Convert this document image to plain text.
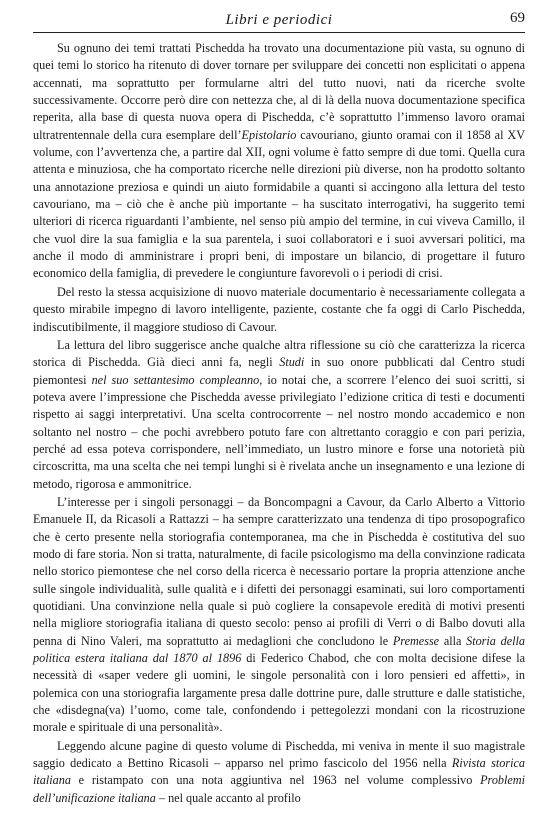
Libri e periodici	69

Su ognuno dei temi trattati Pischedda ha trovato una documentazione più vasta, su ognuno di quei temi lo storico ha ritenuto di dover tornare per sviluppare dei concetti non esplicitati o appena accennati, ma soprattutto per formularne altri del tutto nuovi, nati da ricerche svolte successivamente. Occorre però dire con nettezza che, al di là della nuova documentazione specifica reperita, alla base di questa nuova opera di Pischedda, c’è soprattutto l’immenso lavoro oramai ultratrentennale della cura esemplare dell’Epistolario cavouriano, giunto oramai con il 1858 al XV volume, con l’avvertenza che, a partire dal XII, ogni volume è fatto sempre di due tomi. Quella cura attenta e minuziosa, che ha comportato ricerche nelle direzioni più diverse, non ha prodotto soltanto una annotazione preziosa e quindi un aiuto formidabile a quanti si accingono alla lettura del testo cavouriano, ma – ciò che è anche più importante – ha suscitato interrogativi, ha suggerito temi ulteriori di ricerca riguardanti l’ambiente, nel senso più ampio del termine, in cui viveva Camillo, il che vuol dire la sua famiglia e la sua parentela, i suoi collaboratori e i suoi avversari politici, ma anche il modo di amministrare i propri beni, di impostare un bilancio, di progettare il futuro economico della famiglia, di prevedere le congiunture favorevoli o i periodi di crisi.

Del resto la stessa acquisizione di nuovo materiale documentario è necessariamente collegata a questo mirabile impegno di lavoro intelligente, paziente, costante che fa oggi di Carlo Pischedda, indiscutibilmente, il maggiore studioso di Cavour.

La lettura del libro suggerisce anche qualche altra riflessione su ciò che caratterizza la ricerca storica di Pischedda. Già dieci anni fa, negli Studi in suo onore pubblicati dal Centro studi piemontesi nel suo settantesimo compleanno, io notai che, a scorrere l’elenco dei suoi scritti, si poteva avere l’impressione che Pischedda avesse privilegiato l’edizione critica di testi e documenti rispetto ai saggi interpretativi. Una scelta controcorrente – nel nostro mondo accademico e non soltanto nel nostro – che pochi avrebbero potuto fare con altrettanto coraggio e con pari perizia, perché ad essa poteva corrispondere, nell’immediato, un lustro minore e forse una notorietà più circoscritta, ma una scelta che nei tempi lunghi si è rivelata anche un insegnamento e una lezione di metodo, rigorosa e ammonitrice.

L’interesse per i singoli personaggi – da Boncompagni a Cavour, da Carlo Alberto a Vittorio Emanuele II, da Ricasoli a Rattazzi – ha sempre caratterizzato una tendenza di tipo prosopografico che è certo presente nella storiografia contemporanea, ma che in Pischedda è costitutiva del suo modo di fare storia. Non si tratta, naturalmente, di facile psicologismo ma della convinzione radicata nello storico piemontese che nel corso della ricerca è necessario portare la propria attenzione anche sulle singole individualità, sulle qualità e i difetti dei personaggi esaminati, sui loro comportamenti quotidiani. Una convinzione nella quale si può cogliere la consapevole eredità di motivi presenti nella migliore storiografia italiana di questo secolo: penso ai profili di Verri o di Balbo dovuti alla penna di Nino Valeri, ma soprattutto ai medaglioni che concludono le Premesse alla Storia della politica estera italiana dal 1870 al 1896 di Federico Chabod, che con molta decisione difese la necessità di «saper vedere gli uomini, le singole personalità con i loro pensieri ed affetti», in polemica con una storiografia largamente presa dalle dottrine pure, dalle strutture e dalle statistiche, che «disdegna(va) l’uomo, come tale, confondendo i pettegolezzi mondani con la ricostruzione morale e spirituale di una personalità».

Leggendo alcune pagine di questo volume di Pischedda, mi veniva in mente il suo magistrale saggio dedicato a Bettino Ricasoli – apparso nel primo fascicolo del 1956 nella Rivista storica italiana e ristampato con una nota aggiuntiva nel 1963 nel volume complessivo Problemi dell’unificazione italiana – nel quale accanto al profilo
